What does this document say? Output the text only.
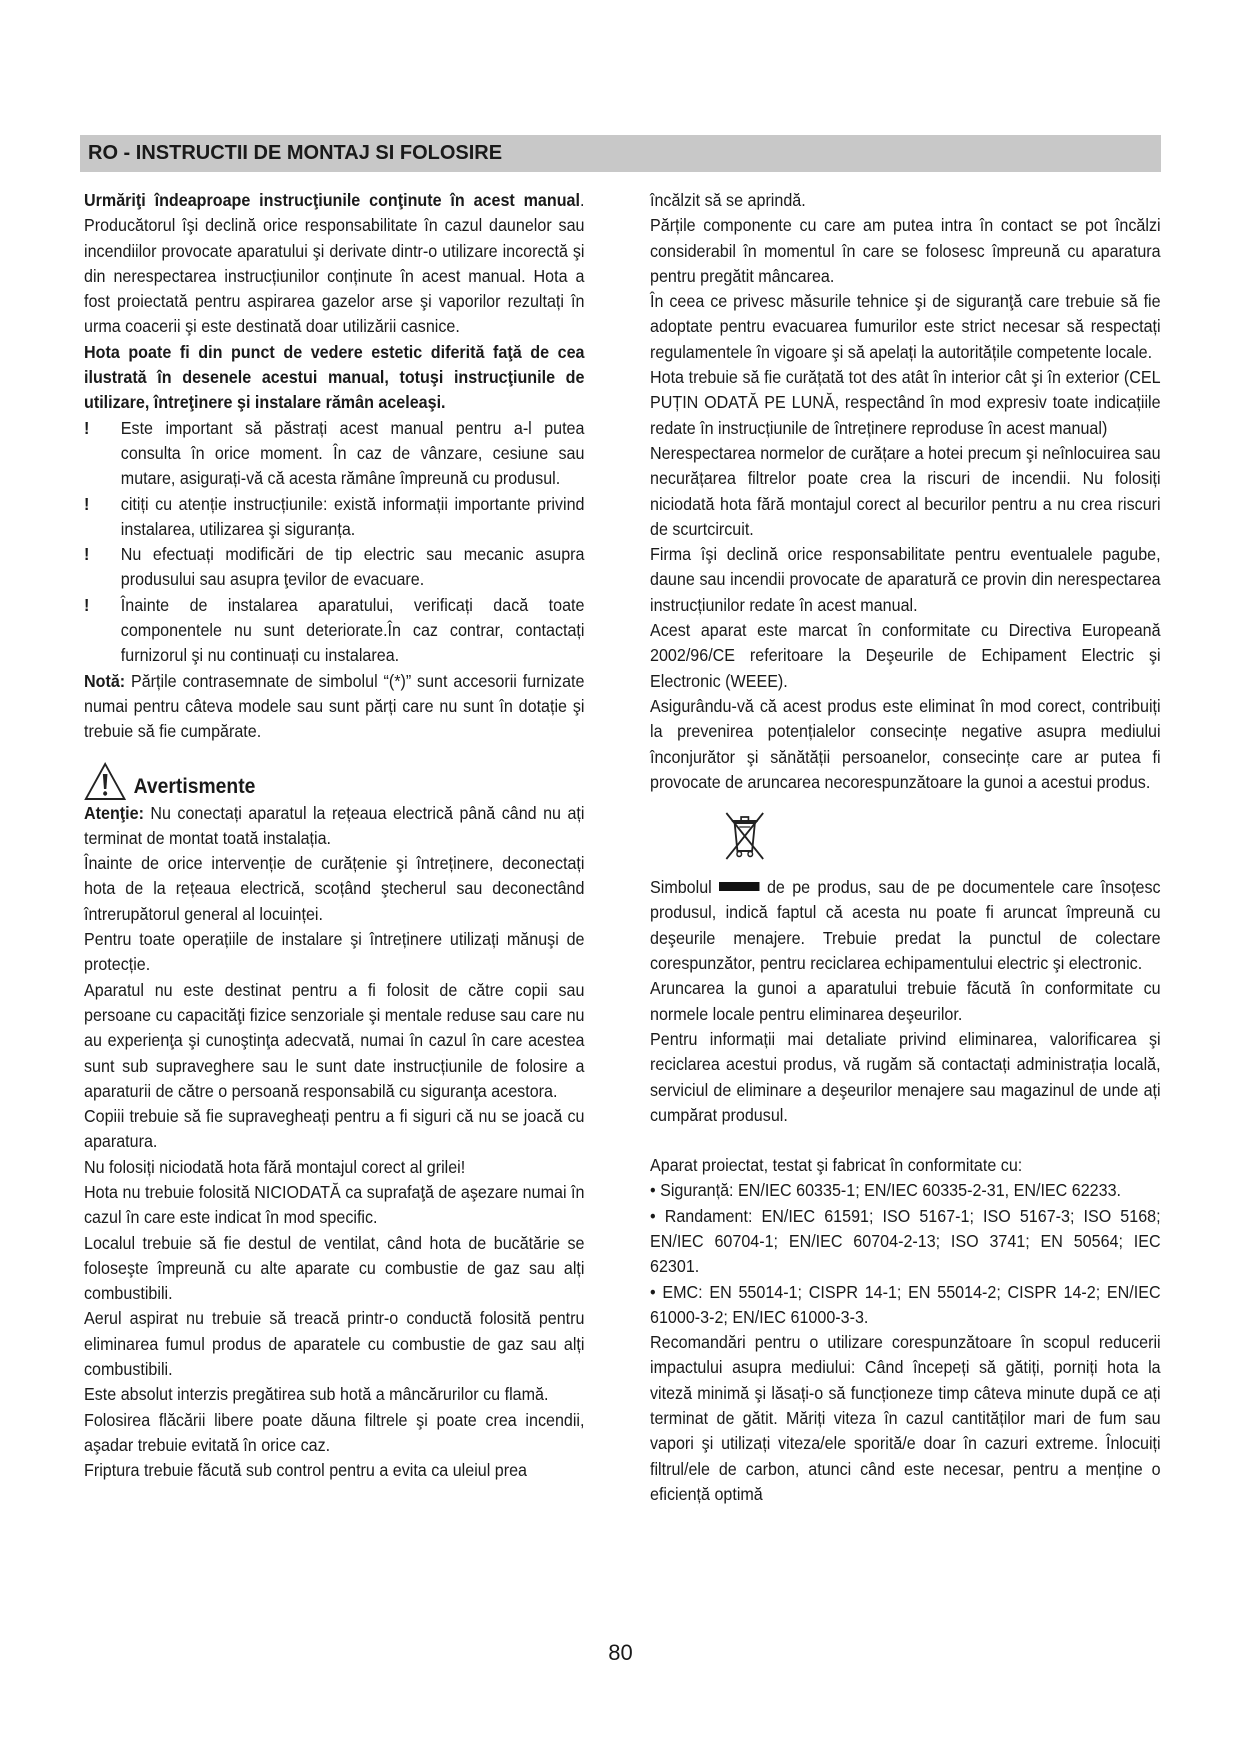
RO - INSTRUCTII DE MONTAJ SI FOLOSIRE

Urmăriţi îndeaproape instrucţiunile conţinute în acest manual. Producătorul îşi declină orice responsabilitate în cazul daunelor sau incendiilor provocate aparatului şi derivate dintr-o utilizare incorectă şi din nerespectarea instrucțiunilor conținute în acest manual. Hota a fost proiectată pentru aspirarea gazelor arse şi vaporilor rezultați în urma coacerii şi este destinată doar utilizării casnice.

Hota poate fi din punct de vedere estetic diferită faţă de cea ilustrată în desenele acestui manual, totuşi instrucţiunile de utilizare, întreţinere şi instalare rămân aceleaşi.

! Este important să păstrați acest manual pentru a-l putea consulta în orice moment. În caz de vânzare, cesiune sau mutare, asigurați-vă că acesta rămâne împreună cu produsul.
! citiți cu atenție instrucțiunile: există informații importante privind instalarea, utilizarea şi siguranța.
! Nu efectuați modificări de tip electric sau mecanic asupra produsului sau asupra ţevilor de evacuare.
! Înainte de instalarea aparatului, verificați dacă toate componentele nu sunt deteriorate.În caz contrar, contactați furnizorul şi nu continuați cu instalarea.

Notă: Părțile contrasemnate de simbolul “(*)” sunt accesorii furnizate numai pentru câteva modele sau sunt părți care nu sunt în dotație şi trebuie să fie cumpărate.

Avertismente

Atenţie: Nu conectați aparatul la rețeaua electrică până când nu ați terminat de montat toată instalația.

Înainte de orice intervenție de curățenie şi întreținere, deconectați hota de la rețeaua electrică, scoțând ştecherul sau deconectând întrerupătorul general al locuinței.

Pentru toate operațiile de instalare şi întreținere utilizați mănuşi de protecție.

Aparatul nu este destinat pentru a fi folosit de către copii sau persoane cu capacităţi fizice senzoriale şi mentale reduse sau care nu au experienţa şi cunoştinţa adecvată, numai în cazul în care acestea sunt sub supraveghere sau le sunt date instrucțiunile de folosire a aparaturii de către o persoană responsabilă cu siguranţa acestora.

Copiii trebuie să fie supravegheați pentru a fi siguri că nu se joacă cu aparatura.

Nu folosiți niciodată hota fără montajul corect al grilei!

Hota nu trebuie folosită NICIODATĂ ca suprafaţă de aşezare numai în cazul în care este indicat în mod specific.

Localul trebuie să fie destul de ventilat, când hota de bucătărie se foloseşte împreună cu alte aparate cu combustie de gaz sau alți combustibili.

Aerul aspirat nu trebuie să treacă printr-o conductă folosită pentru eliminarea fumul produs de aparatele cu combustie de gaz sau alți combustibili.

Este absolut interzis pregătirea sub hotă a mâncărurilor cu flamă.

Folosirea flăcării libere poate dăuna filtrele şi poate crea incendii, aşadar trebuie evitată în orice caz.

Friptura trebuie făcută sub control pentru a evita ca uleiul prea

încălzit să se aprindă.

Părțile componente cu care am putea intra în contact se pot încălzi considerabil în momentul în care se folosesc împreună cu aparatura pentru pregătit mâncarea.

În ceea ce privesc măsurile tehnice şi de siguranţă care trebuie să fie adoptate pentru evacuarea fumurilor este strict necesar să respectați regulamentele în vigoare şi să apelați la autoritățile competente locale.

Hota trebuie să fie curățată tot des atât în interior cât şi în exterior (CEL PUȚIN ODATĂ PE LUNĂ, respectând în mod expresiv toate indicațiile redate în instrucțiunile de întreținere reproduse în acest manual)

Nerespectarea normelor de curățare a hotei precum şi neînlocuirea sau necurățarea filtrelor poate crea la riscuri de incendii. Nu folosiți niciodată hota fără montajul corect al becurilor pentru a nu crea riscuri de scurtcircuit.

Firma îşi declină orice responsabilitate pentru eventualele pagube, daune sau incendii provocate de aparatură ce provin din nerespectarea instrucțiunilor redate în acest manual.

Acest aparat este marcat în conformitate cu Directiva Europeană 2002/96/CE referitoare la Deşeurile de Echipament Electric şi Electronic (WEEE).

Asigurându-vă că acest produs este eliminat în mod corect, contribuiți la prevenirea potențialelor consecințe negative asupra mediului înconjurător şi sănătății persoanelor, consecințe care ar putea fi provocate de aruncarea necorespunzătoare la gunoi a acestui produs.

Simbolul	de pe produs, sau de pe documentele care însoțesc produsul, indică faptul că acesta nu poate fi aruncat împreună cu deşeurile menajere. Trebuie predat la punctul de colectare corespunzător, pentru reciclarea echipamentului electric şi electronic.

Aruncarea la gunoi a aparatului trebuie făcută în conformitate cu normele locale pentru eliminarea deşeurilor.

Pentru informații mai detaliate privind eliminarea, valorificarea şi reciclarea acestui produs, vă rugăm să contactați administrația locală, serviciul de eliminare a deşeurilor menajere sau magazinul de unde ați cumpărat produsul.

Aparat proiectat, testat şi fabricat în conformitate cu:

• Siguranță: EN/IEC 60335-1; EN/IEC 60335-2-31, EN/IEC 62233.

• Randament: EN/IEC 61591; ISO 5167-1; ISO 5167-3; ISO 5168; EN/IEC 60704-1; EN/IEC 60704-2-13; ISO 3741; EN 50564; IEC 62301.

• EMC: EN 55014-1; CISPR 14-1; EN 55014-2; CISPR 14-2; EN/IEC 61000-3-2; EN/IEC 61000-3-3.

Recomandări pentru o utilizare corespunzătoare în scopul reducerii impactului asupra mediului: Când începeți să gătiți, porniți hota la viteză minimă şi lăsați-o să funcționeze timp câteva minute după ce ați terminat de gătit. Măriți viteza în cazul cantităților mari de fum sau vapori şi utilizați viteza/ele sporită/e doar în cazuri extreme. Înlocuiți filtrul/ele de carbon, atunci când este necesar, pentru a menține o eficiență optimă

80
